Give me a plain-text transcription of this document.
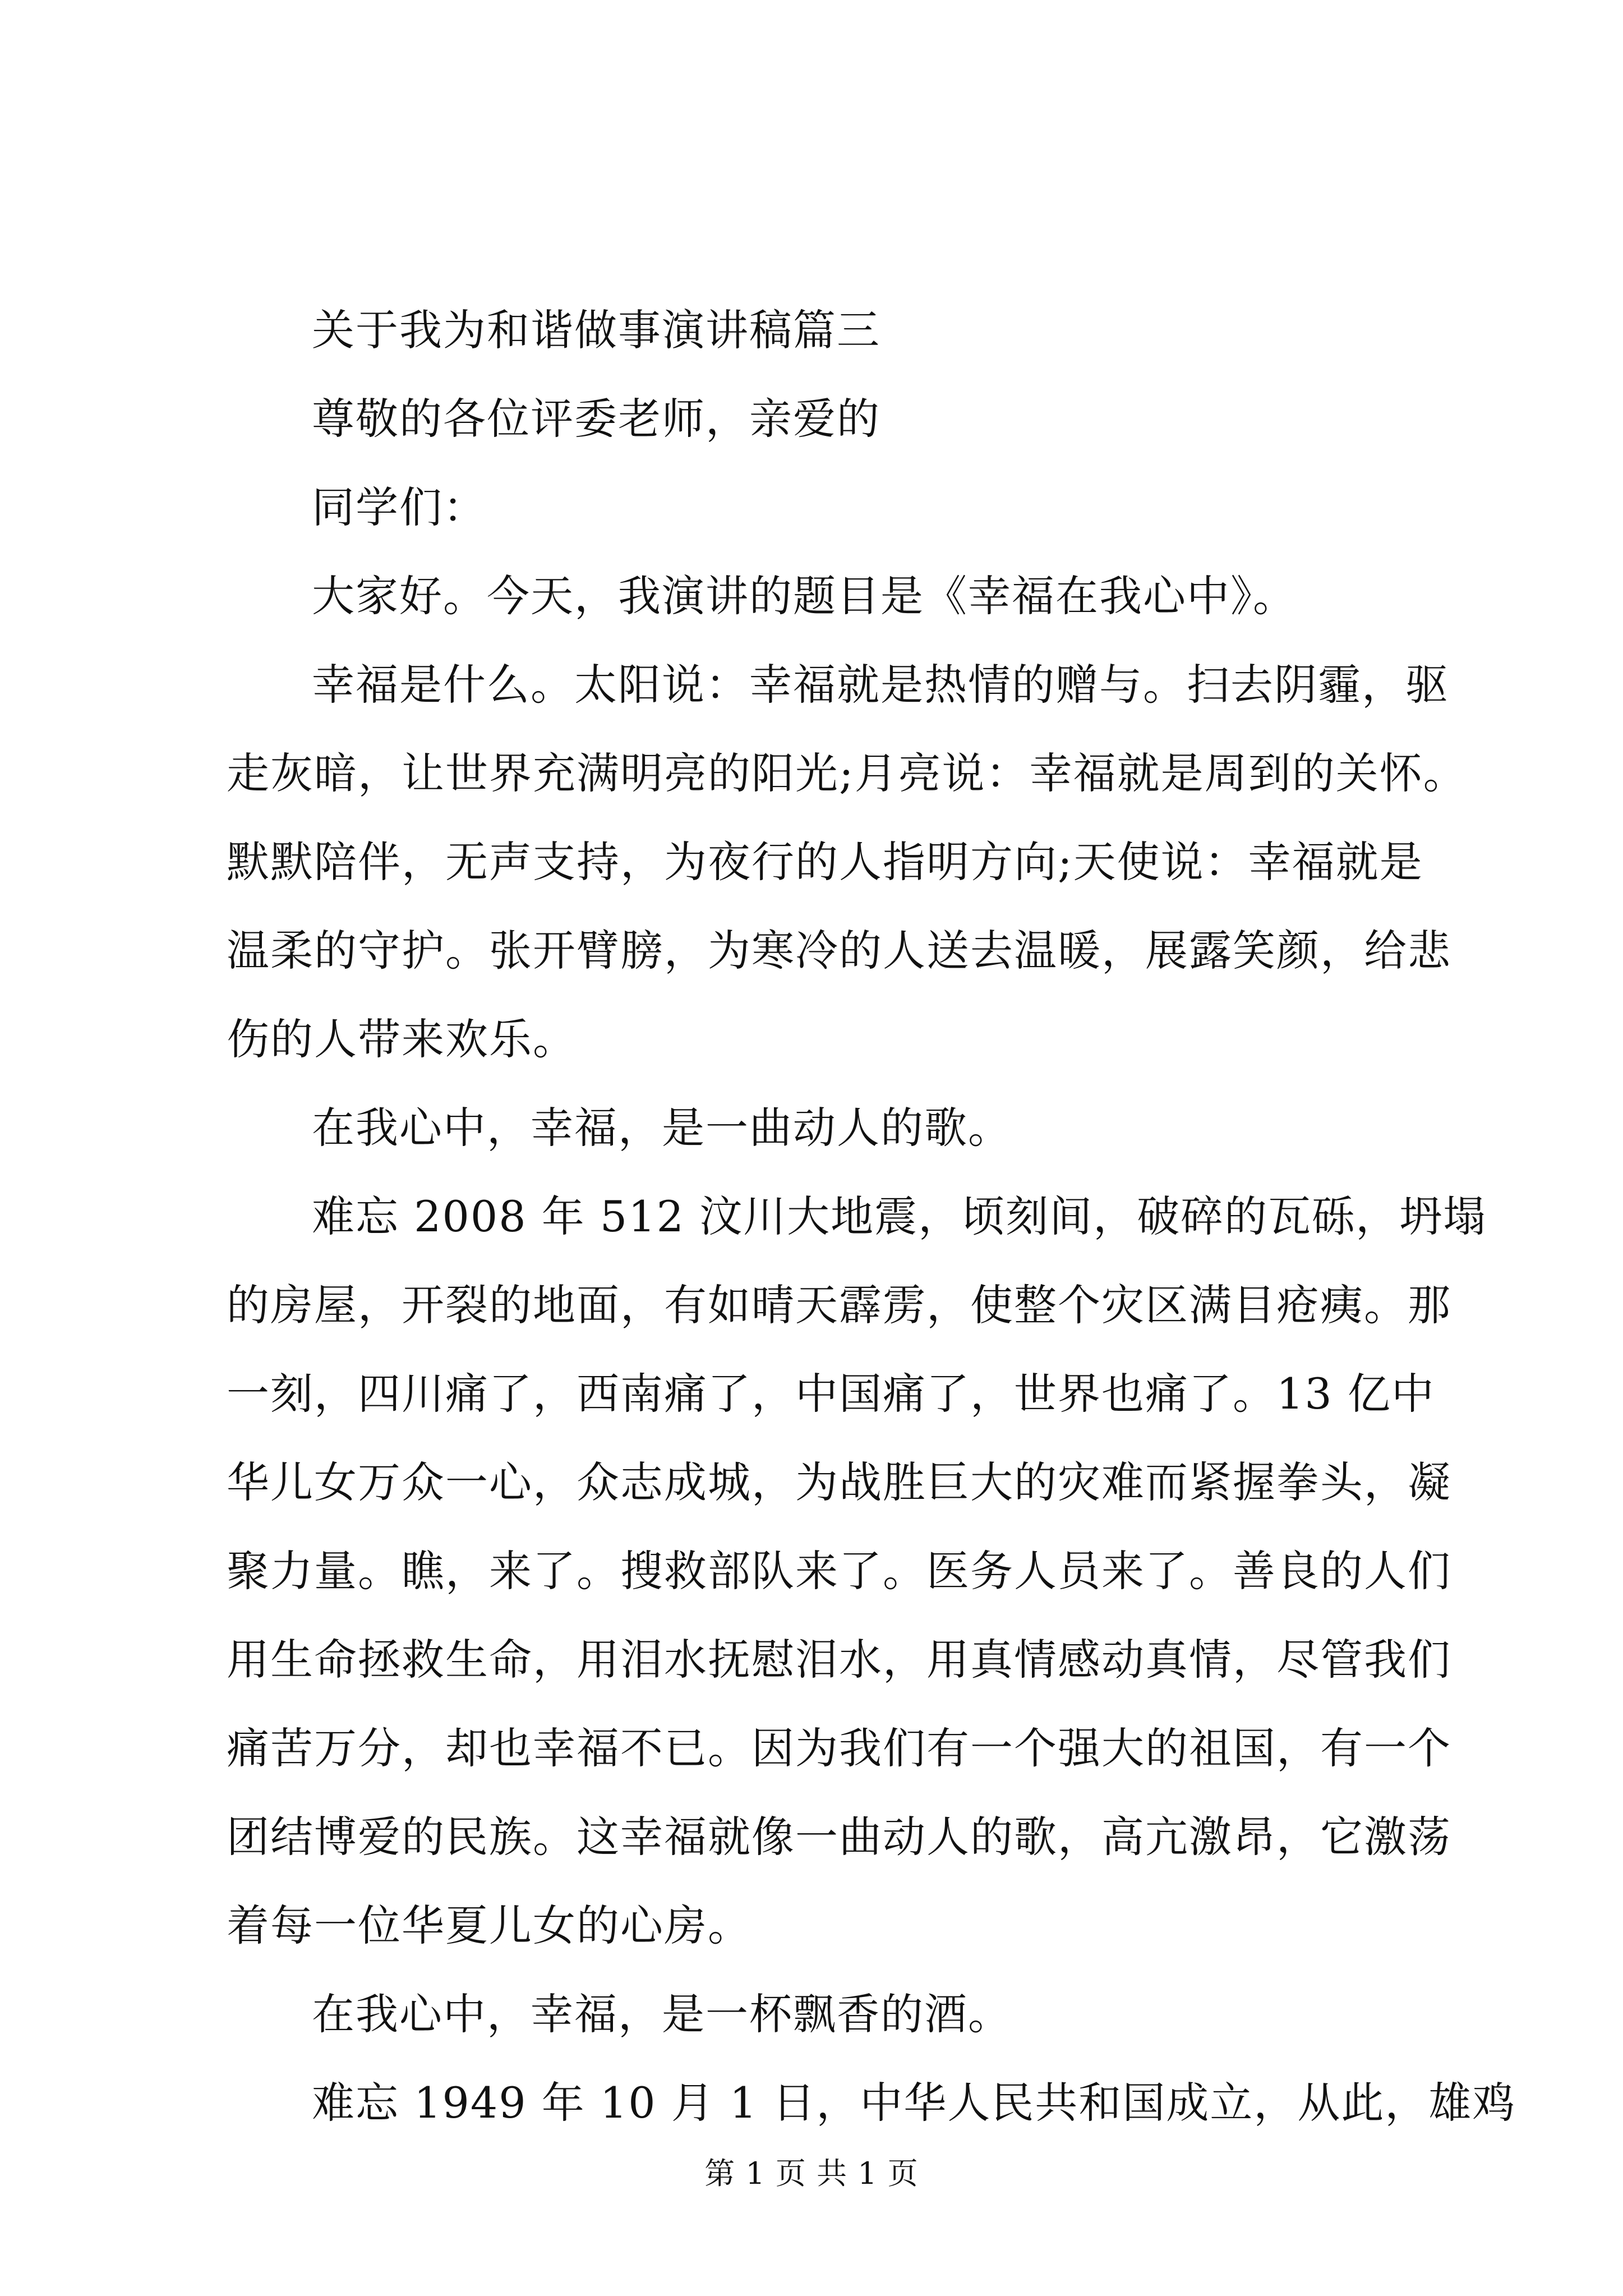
关于我为和谐做事演讲稿篇三
尊敬的各位评委老师，亲爱的
同学们：
大家好。今天，我演讲的题目是《幸福在我心中》。
幸福是什么。太阳说：幸福就是热情的赠与。扫去阴霾，驱
走灰暗，让世界充满明亮的阳光;月亮说：幸福就是周到的关怀。
默默陪伴，无声支持，为夜行的人指明方向;天使说：幸福就是
温柔的守护。张开臂膀，为寒冷的人送去温暖，展露笑颜，给悲
伤的人带来欢乐。
在我心中，幸福，是一曲动人的歌。
难忘 2008 年 512 汶川大地震，顷刻间，破碎的瓦砾，坍塌
的房屋，开裂的地面，有如晴天霹雳，使整个灾区满目疮痍。那
一刻，四川痛了，西南痛了，中国痛了，世界也痛了。13 亿中
华儿女万众一心，众志成城，为战胜巨大的灾难而紧握拳头，凝
聚力量。瞧，来了。搜救部队来了。医务人员来了。善良的人们
用生命拯救生命，用泪水抚慰泪水，用真情感动真情，尽管我们
痛苦万分，却也幸福不已。因为我们有一个强大的祖国，有一个
团结博爱的民族。这幸福就像一曲动人的歌，高亢激昂，它激荡
着每一位华夏儿女的心房。
在我心中，幸福，是一杯飘香的酒。
难忘 1949 年 10 月 1 日，中华人民共和国成立，从此，雄鸡
第 1 页 共 1 页
